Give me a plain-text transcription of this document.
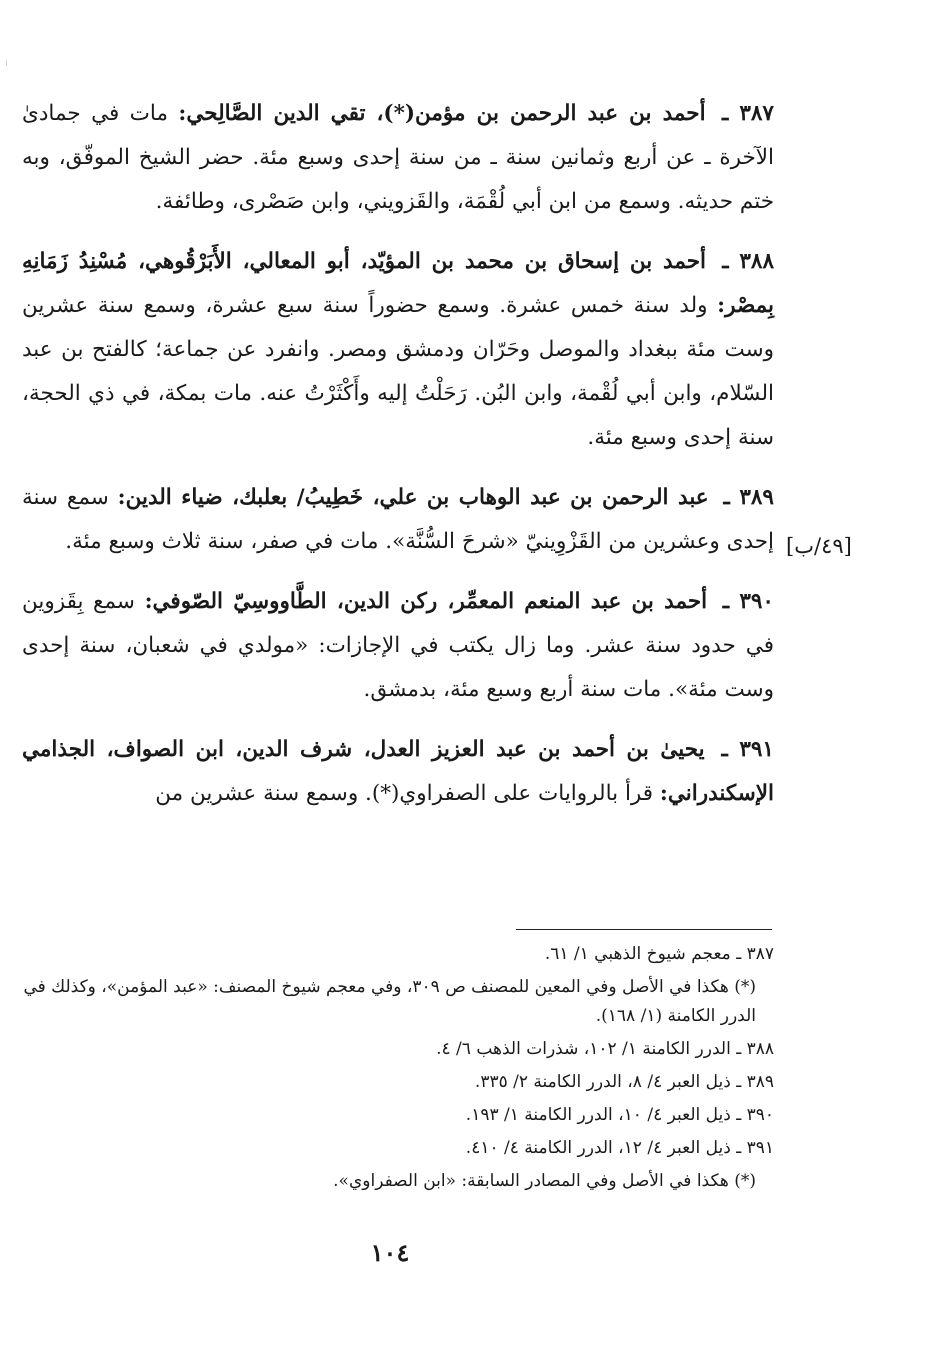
٣٨٧ ـ أحمد بن عبد الرحمن بن مؤمن(*)، تقي الدين الصَّالِحي: مات في جمادىٰ الآخرة ـ عن أربع وثمانين سنة ـ من سنة إحدى وسبع مئة. حضر الشيخ الموفّق، وبه ختم حديثه. وسمع من ابن أبي لُقْمَة، والقَزويني، وابن صَصْرى، وطائفة.

٣٨٨ ـ أحمد بن إسحاق بن محمد بن المؤيّد، أبو المعالي، الأَبَرْقُوهي، مُسْنِدُ زَمَانِهِ بِمصْر: ولد سنة خمس عشرة. وسمع حضوراً سنة سبع عشرة، وسمع سنة عشرين وست مئة ببغداد والموصل وحَرّان ودمشق ومصر. وانفرد عن جماعة؛ كالفتح بن عبد السّلام، وابن أبي لُقْمة، وابن البُن. رَحَلْتُ إليه وأَكْثَرْتُ عنه. مات بمكة، في ذي الحجة، سنة إحدى وسبع مئة.

٣٨٩ ـ عبد الرحمن بن عبد الوهاب بن علي، خَطِيبُ/ بعلبك، ضياء الدين: سمع سنة إحدى وعشرين من القَزْوِينيّ «شرحَ السُّنَّة». مات في صفر، سنة ثلاث وسبع مئة.

٣٩٠ ـ أحمد بن عبد المنعم المعمِّر، ركن الدين، الطَّاووسِيّ الصّوفي: سمع بِقَزوين في حدود سنة عشر. وما زال يكتب في الإجازات: «مولدي في شعبان، سنة إحدى وست مئة». مات سنة أربع وسبع مئة، بدمشق.

٣٩١ ـ يحيىٰ بن أحمد بن عبد العزيز العدل، شرف الدين، ابن الصواف، الجذامي الإسكندراني: قرأ بالروايات على الصفراوي(*). وسمع سنة عشرين من

[٤٩/ب]

٣٨٧ ـ معجم شيوخ الذهبي ١/ ٦١.

(*) هكذا في الأصل وفي المعين للمصنف ص ٣٠٩، وفي معجم شيوخ المصنف: «عبد المؤمن»، وكذلك في الدرر الكامنة (١/ ١٦٨).

٣٨٨ ـ الدرر الكامنة ١/ ١٠٢، شذرات الذهب ٦/ ٤.

٣٨٩ ـ ذيل العبر ٤/ ٨، الدرر الكامنة ٢/ ٣٣٥.

٣٩٠ ـ ذيل العبر ٤/ ١٠، الدرر الكامنة ١/ ١٩٣.

٣٩١ ـ ذيل العبر ٤/ ١٢، الدرر الكامنة ٤/ ٤١٠.

(*) هكذا في الأصل وفي المصادر السابقة: «ابن الصفراوي».

١٠٤
